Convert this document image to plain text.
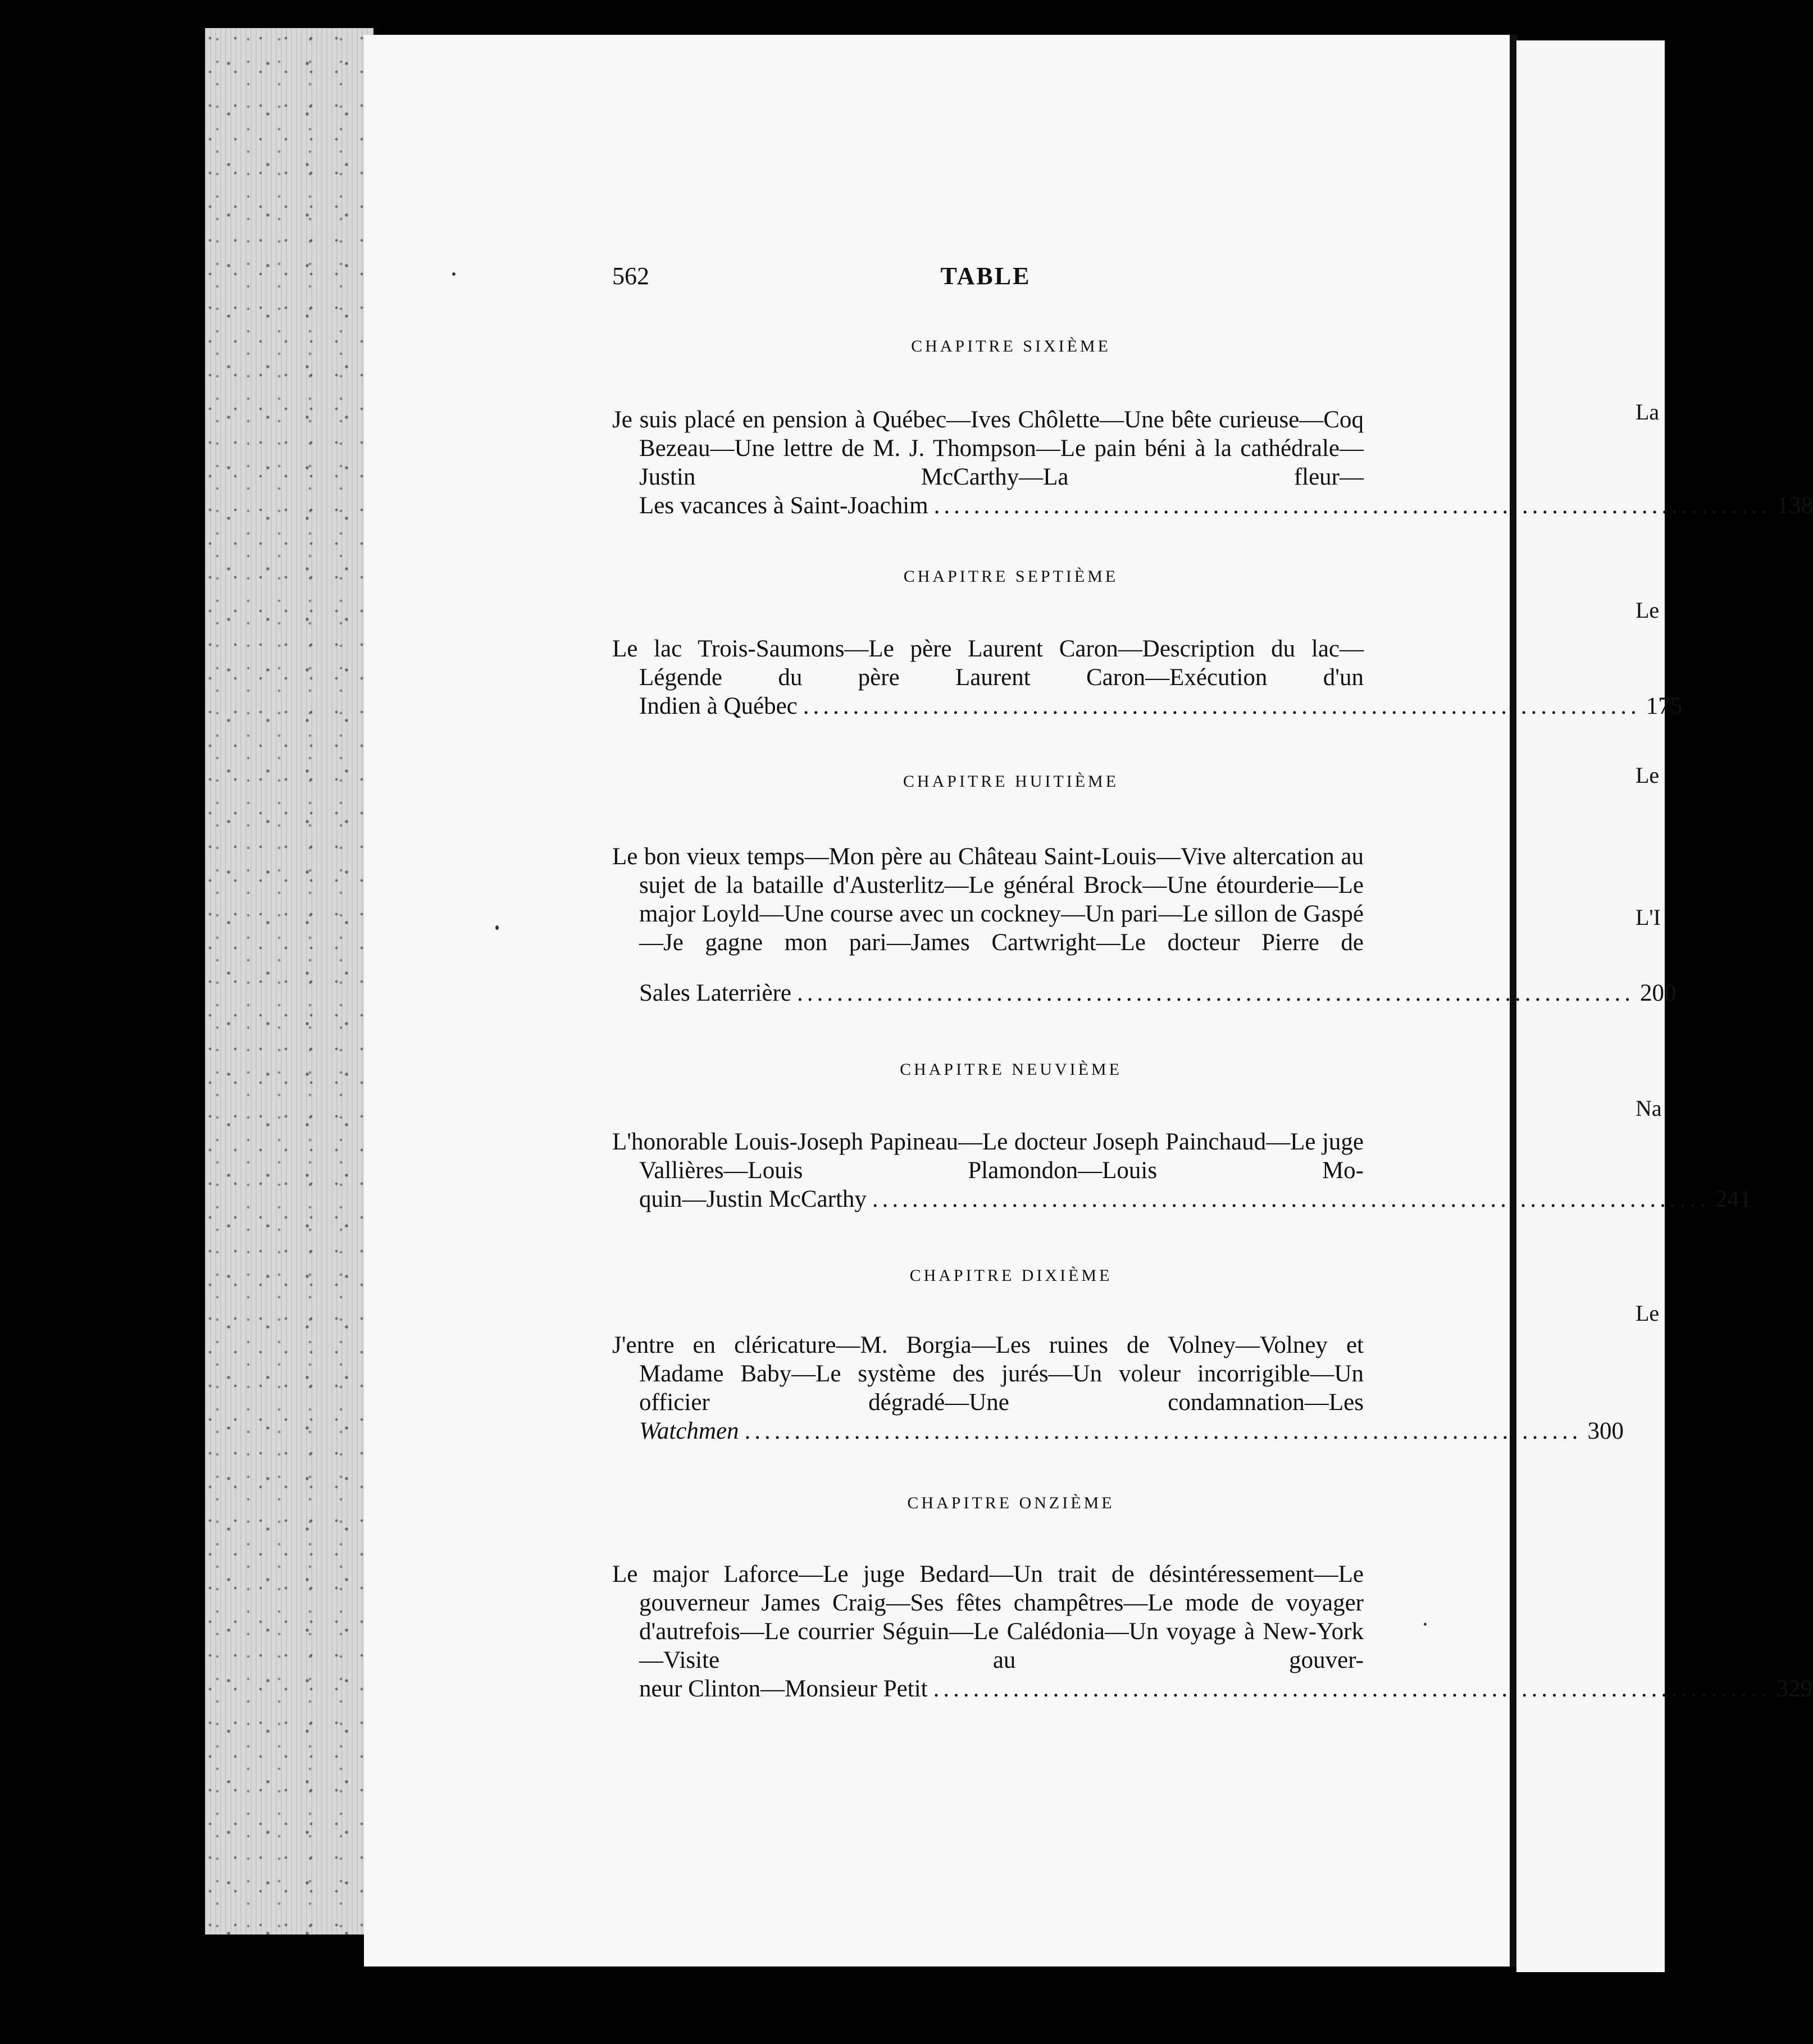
La
Le
Le
L'I
Na
Le
562	TABLE
CHAPITRE SIXIÈME
Je suis placé en pension à Québec—Ives Chôlette—Une bête curieuse—Coq Bezeau—Une lettre de M. J. Thompson—Le pain béni à la cathédrale—Justin McCarthy—La fleur—
Les vacances à Saint-Joachim .................................................................................... 138
CHAPITRE SEPTIÈME
Le lac Trois-Saumons—Le père Laurent Caron—Description du lac—Légende du père Laurent Caron—Exécution d'un
Indien à Québec .................................................................................... 175
CHAPITRE HUITIÈME
Le bon vieux temps—Mon père au Château Saint-Louis—Vive altercation au sujet de la bataille d'Austerlitz—Le général Brock—Une étourderie—Le major Loyld—Une course avec un cockney—Un pari—Le sillon de Gaspé—Je gagne mon pari—James Cartwright—Le docteur Pierre de
Sales Laterrière .................................................................................... 200
CHAPITRE NEUVIÈME
L'honorable Louis-Joseph Papineau—Le docteur Joseph Painchaud—Le juge Vallières—Louis Plamondon—Louis Mo-
quin—Justin McCarthy .................................................................................... 241
CHAPITRE DIXIÈME
J'entre en cléricature—M. Borgia—Les ruines de Volney—Volney et Madame Baby—Le système des jurés—Un voleur incorrigible—Un officier dégradé—Une condamnation—Les
Watchmen .................................................................................... 300
CHAPITRE ONZIÈME
Le major Laforce—Le juge Bedard—Un trait de désintéressement—Le gouverneur James Craig—Ses fêtes champêtres—Le mode de voyager d'autrefois—Le courrier Séguin—Le Calédonia—Un voyage à New-York—Visite au gouver-
neur Clinton—Monsieur Petit .................................................................................... 329
